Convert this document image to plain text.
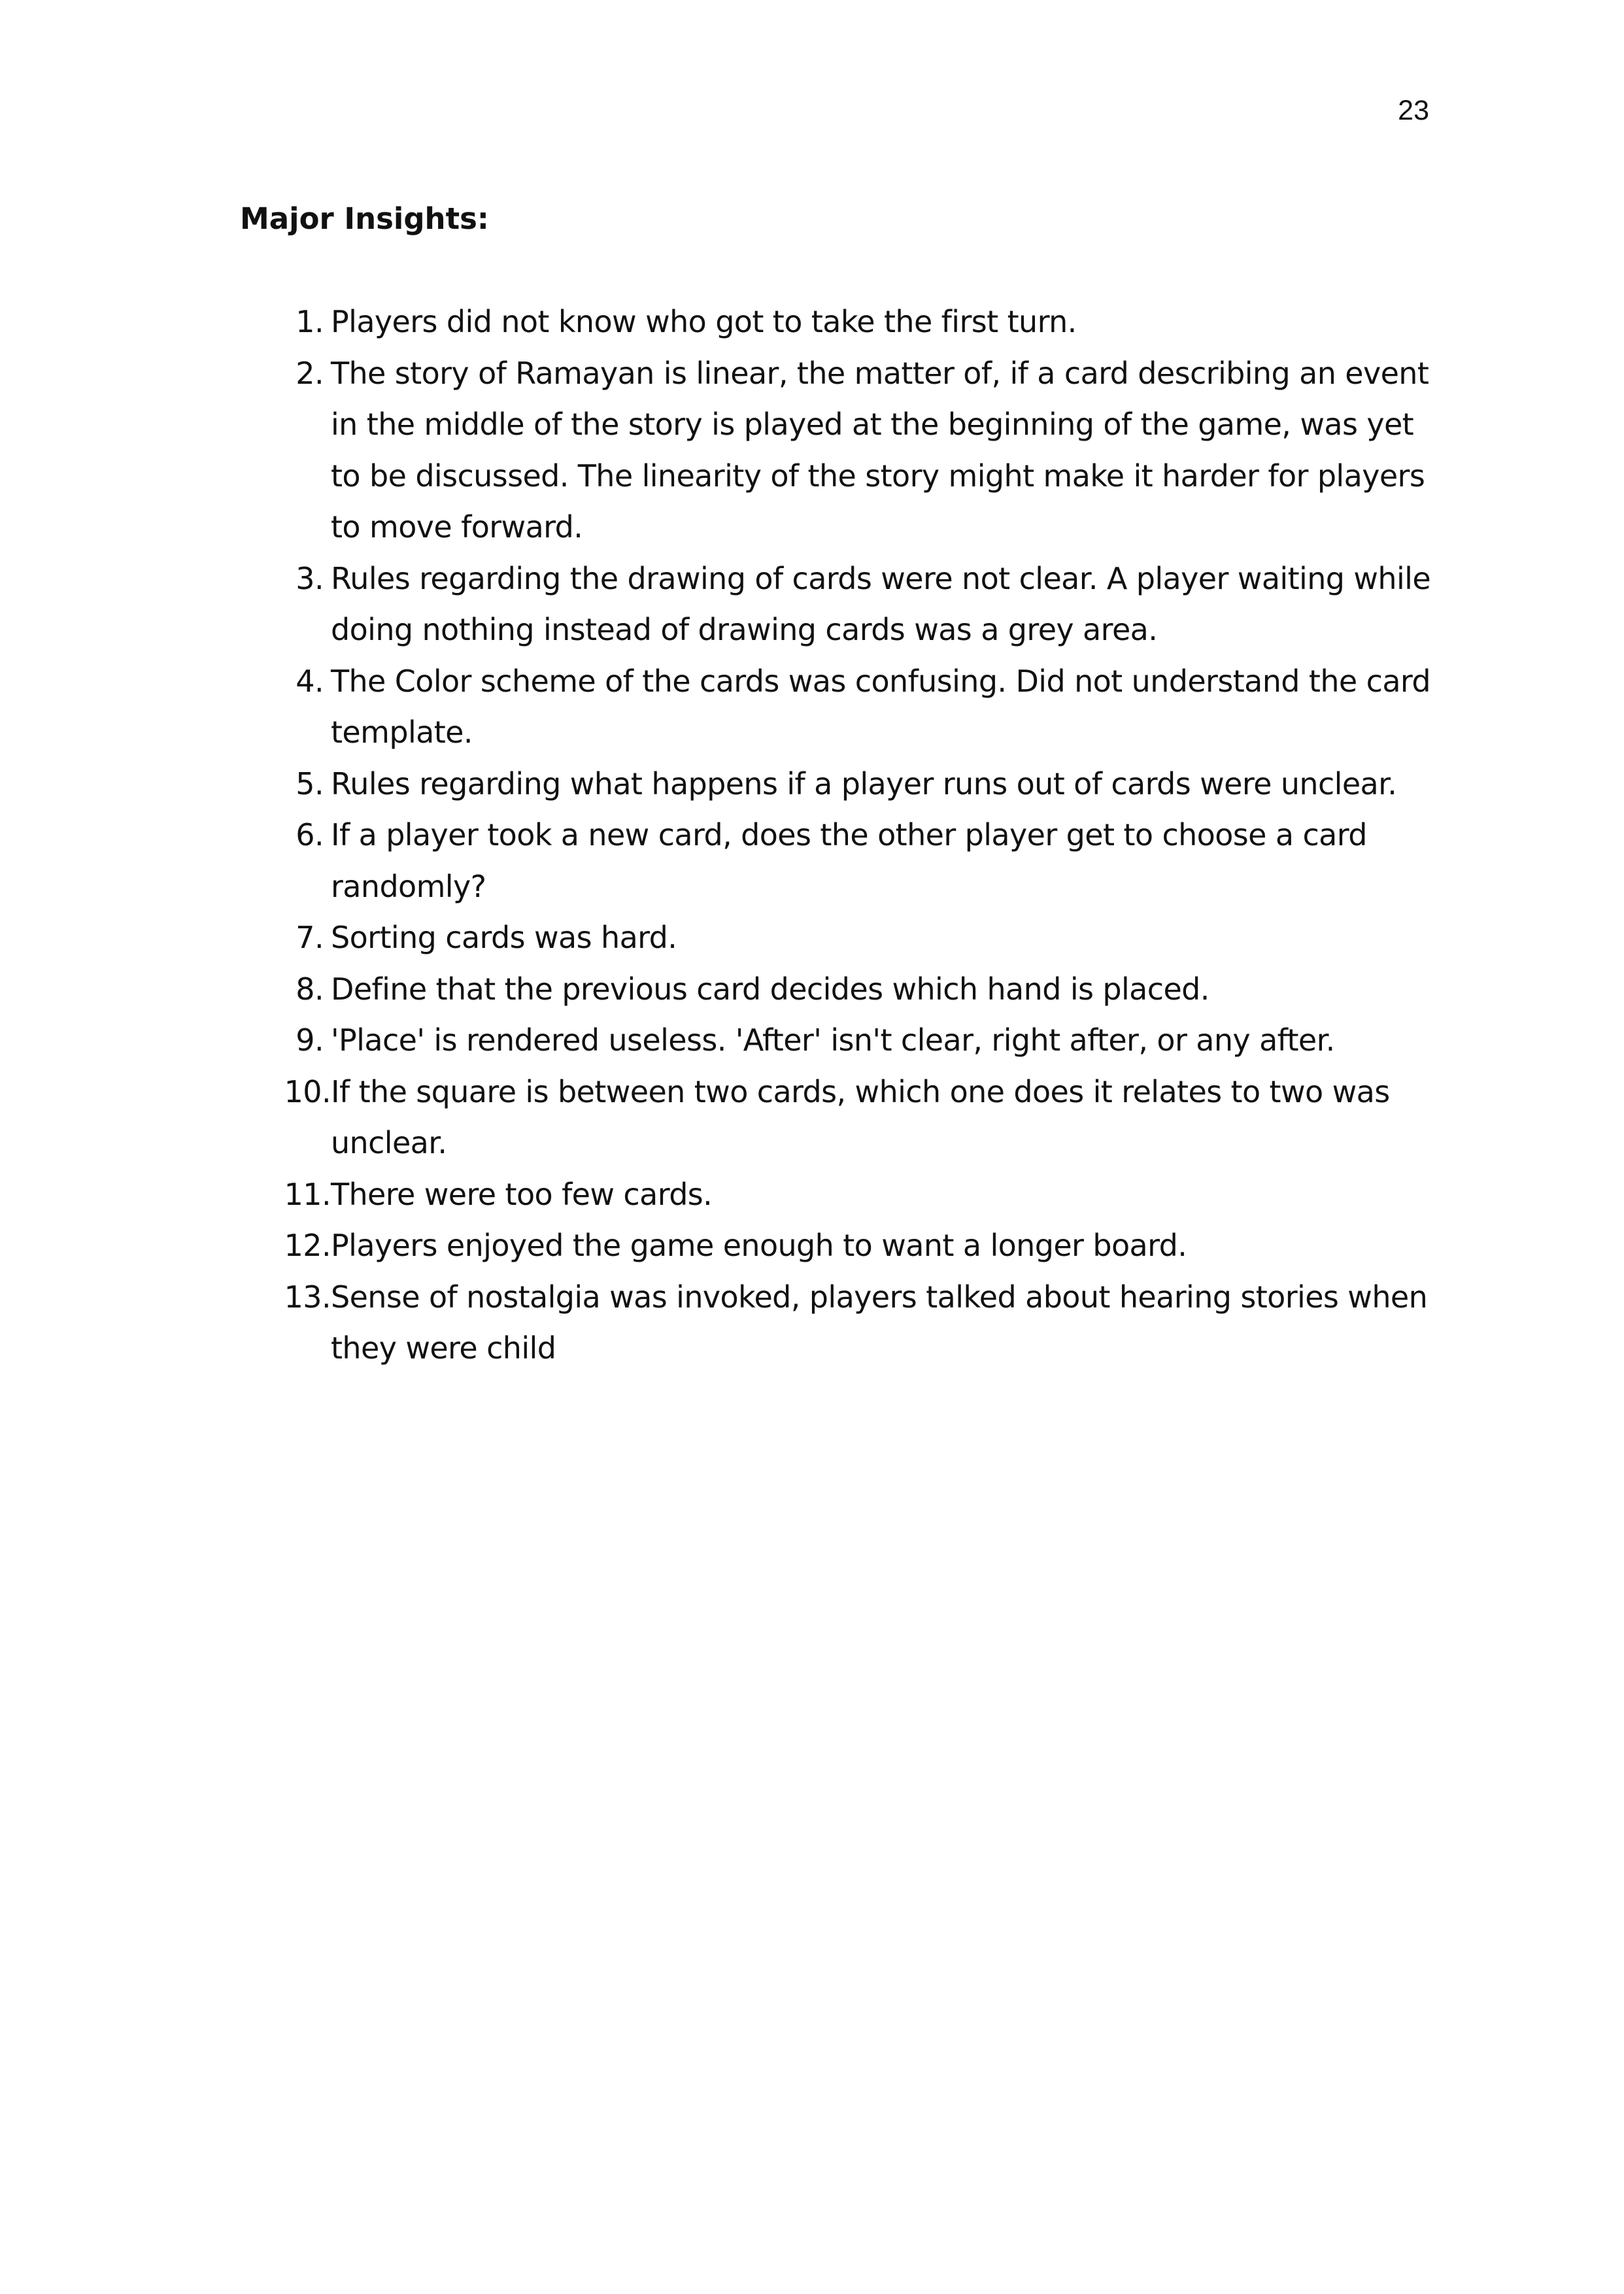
23
Major Insights:
1. Players did not know who got to take the first turn.
2. The story of Ramayan is linear, the matter of, if a card describing an event in the middle of the story is played at the beginning of the game, was yet to be discussed. The linearity of the story might make it harder for players to move forward.
3. Rules regarding the drawing of cards were not clear. A player waiting while doing nothing instead of drawing cards was a grey area.
4. The Color scheme of the cards was confusing. Did not understand the card template.
5. Rules regarding what happens if a player runs out of cards were unclear.
6. If a player took a new card, does the other player get to choose a card randomly?
7. Sorting cards was hard.
8. Define that the previous card decides which hand is placed.
9. 'Place' is rendered useless. 'After' isn't clear, right after, or any after.
10. If the square is between two cards, which one does it relates to two was unclear.
11. There were too few cards.
12. Players enjoyed the game enough to want a longer board.
13. Sense of nostalgia was invoked, players talked about hearing stories when they were child
